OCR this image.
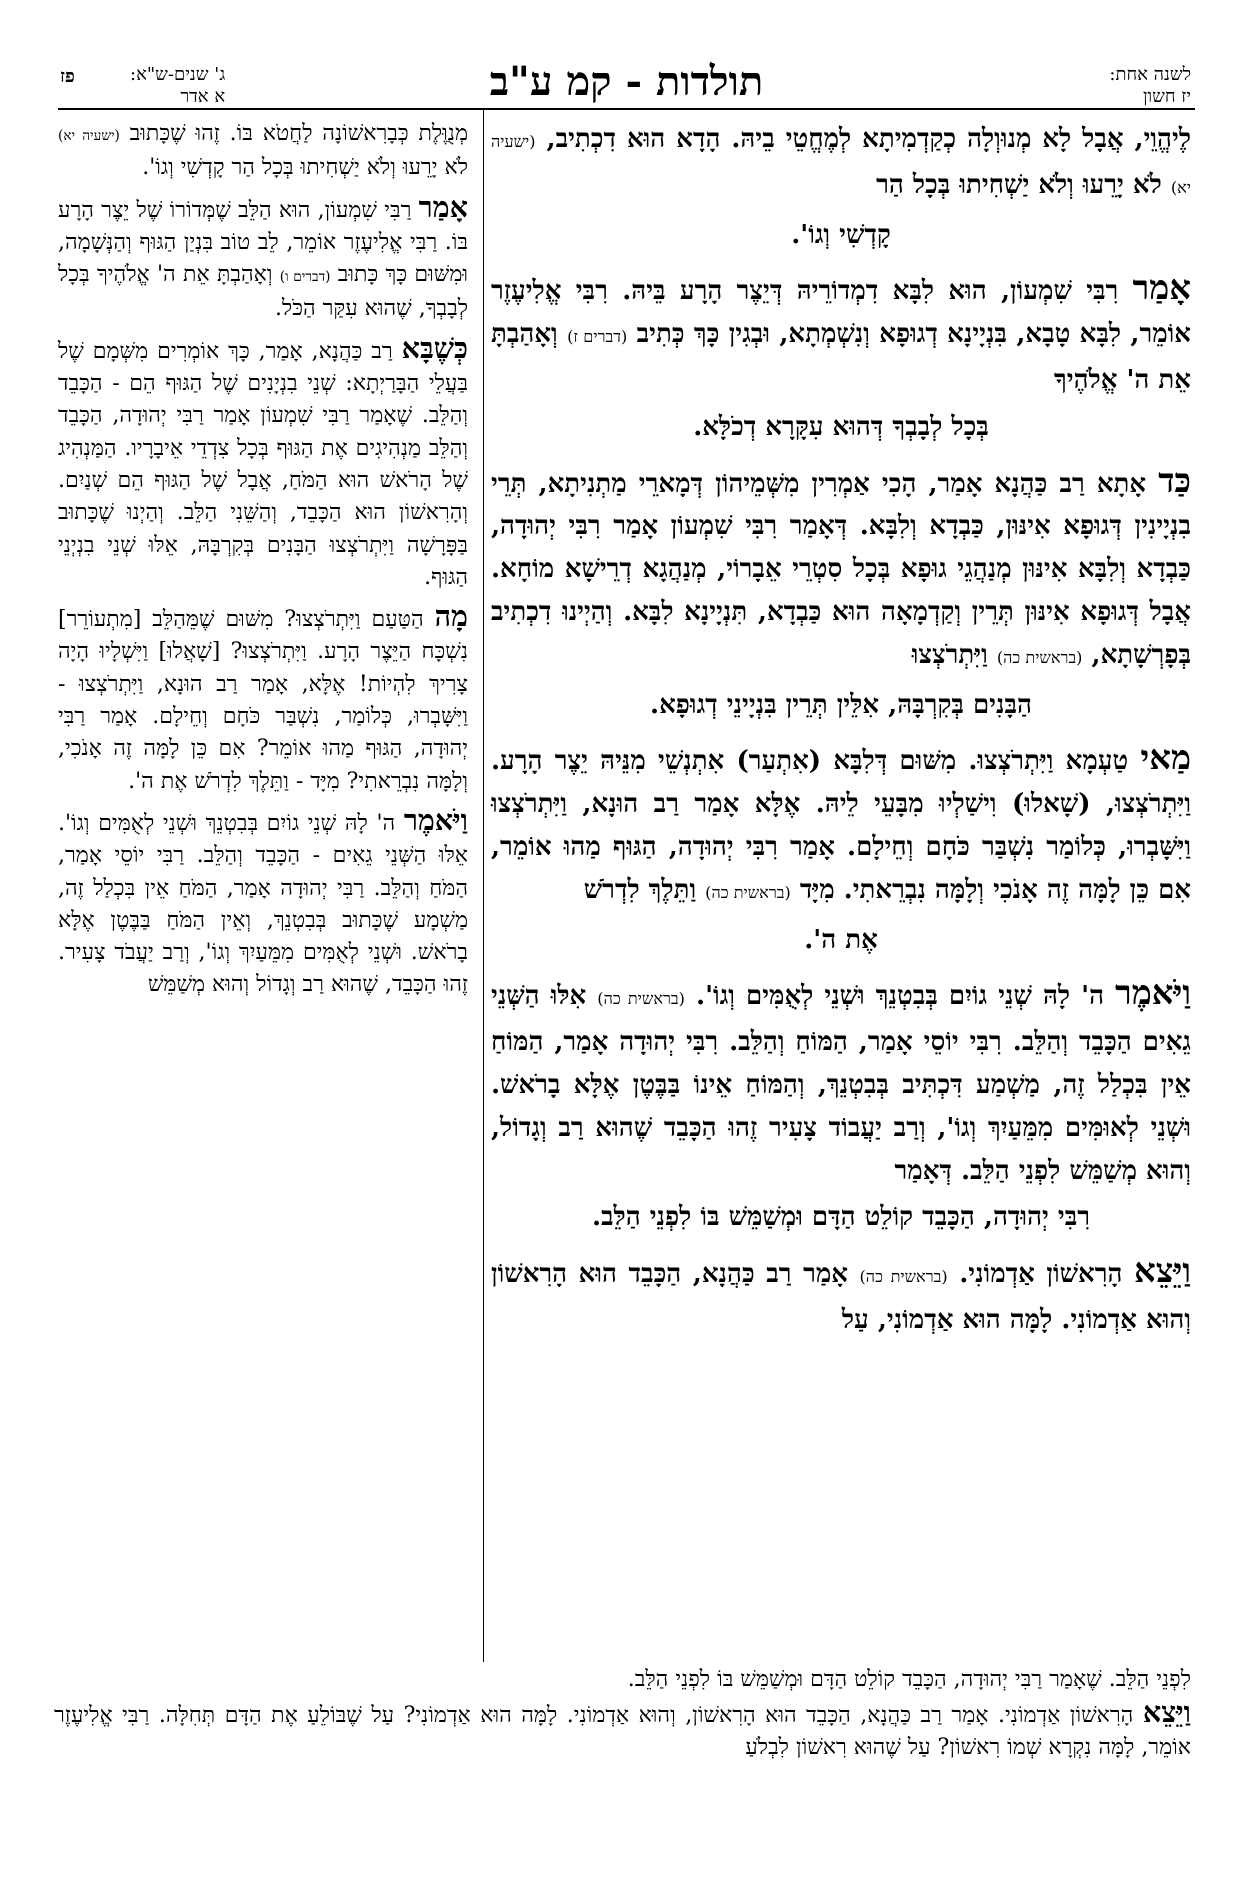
לשנה אחת:
יז חשון
תולדות - קמ ע"ב
ג' שנים-ש"א:
א אדר
פז

לֶיהֱוֵי, אֲבָל לָא מְנוּוְלָה כְקַדְמִיתָא לְמֶחֱטֵי בֵיהּ. הָדָא הוּא דִכְתִיב, (ישעיה יא) לֹא יָרֵעוּ וְלֹא יַשְׁחִיתוּ בְּכָל הַר

קָדְשִׁי וְגוֹ'.

אָמַר רִבִּי שִׁמְעוֹן, הוּא לִבָּא דִמְדוֹרֵיהּ דְּיֵצֶר הָרָע בֵּיהּ. רִבִּי אֱלִיעֶזֶר אוֹמֵר, לִבָּא טָבָא, בִּנְיָינָא דְגוּפָא וְנִשְׁמְתָא, וּבְגִין כָּךְ כְּתִיב (דברים ז) וְאָהַבְתָּ אֵת ה' אֱלֹהֶיךָ

בְּכָל לְבָבְךָ דְּהוּא עִקָּרָא דְכֹלָּא.

כַּד אָתָא רַב כַּהֲנָא אָמַר, הָכִי אַמְרִין מִשְּׁמֵיהוֹן דְּמָארֵי מַתְנִיתָא, תְּרֵי בִנְיָינִין דְּגוּפָא אִינּוּן, כַּבְדָא וְלִבָּא. דְּאָמַר רִבִּי שִׁמְעוֹן אָמַר רִבִּי יְהוּדָה, כַּבְדָא וְלִבָּא אִינּוּן מְנַהֲגֵי גוּפָא בְּכָל סִטְרֵי אֵבָרוֹי, מְנַהֲגָא דְרֵישָׁא מוֹחָא. אֲבָל דְּגוּפָא אִינּוּן תְּרֵין וְקַדְמָאָה הוּא כַּבְדָא, תִּנְיָינָא לִבָּא. וְהַיְינוּ דִכְתִיב בְּפָרְשָׁתָא, (בראשית כה) וַיִּתְרֹצְצוּ

הַבָּנִים בְּקִרְבָּהּ, אִלֵּין תְּרֵין בִּנְיָינֵי דְגוּפָא.

מַאי טַעְמָא וַיִּתְרֹצְצוּ. מִשּׁוּם דְּלִבָּא (אִתְעַר) אִתְנְשֵׁי מִנֵּיהּ יֵצֶר הָרָע. וַיִּתְרֹצְצוּ, (שָׁאלוּ) וִישַׁלְיוּ מִבָּעֵי לֵיהּ. אֶלָּא אָמַר רַב הוּנָא, וַיִּתְרֹצְצוּ וַיִּשָּׁבְרוּ, כְּלוֹמַר נִשְׁבַּר כֹּחָם וְחֵילָם. אָמַר רִבִּי יְהוּדָה, הַגּוּף מַהוּ אוֹמֵר, אִם כֵּן לָמָּה זֶה אָנֹכִי וְלָמָּה נִבְרֵאתִי. מִיָּד (בראשית כה) וַתֵּלֶךְ לִדְרֹשׁ

אֶת ה'.

וַיֹּאמֶר ה' לָהּ שְׁנֵי גוֹיִם בְּבִטְנֵךְ וּשְׁנֵי לְאֻמִּים וְגוֹ'. (בראשית כה) אִלּוּ הַשְּׁנֵי גֵאִים הַכָּבֵד וְהַלֵּב. רִבִּי יוֹסֵי אָמַר, הַמּוֹחַ וְהַלֵּב. רִבִּי יְהוּדָה אָמַר, הַמּוֹחַ אֵין בִּכְלַל זֶה, מַשְׁמַע דִּכְתִּיב בְּבִטְנֵךְ, וְהַמּוֹחַ אֵינוֹ בַּבֶּטֶן אֶלָּא בָרֹאשׁ. וּשְׁנֵי לְאוּמִּים מִמֵּעַיִךְ וְגוֹ', וְרַב יַעֲבוֹד צָעִיר זֶהוּ הַכָּבֵד שֶׁהוּא רַב וְגָדוֹל, וְהוּא מְשַׁמֵּשׁ לִפְנֵי הַלֵּב. דְּאָמַר

רִבִּי יְהוּדָה, הַכָּבֵד קוֹלֵט הַדָּם וּמְשַׁמֵּשׁ בּוֹ לִפְנֵי הַלֵּב.

וַיֵּצֵא הָרִאשׁוֹן אַדְמוֹנִי. (בראשית כה) אָמַר רַב כַּהֲנָא, הַכָּבֵד הוּא הָרִאשׁוֹן וְהוּא אַדְמוֹנִי. לָמָּה הוּא אַדְמוֹנִי, עַל

מְנֻוֶּלֶת כְּבָרִאשׁוֹנָה לַחֲטֹא בּוֹ. זֶהוּ שֶׁכָּתוּב (ישעיה יא) לֹא יָרֵעוּ וְלֹא יַשְׁחִיתוּ בְּכָל הַר קָדְשִׁי וְגוֹ'.

אָמַר רַבִּי שִׁמְעוֹן, הוּא הַלֵּב שֶׁמְּדוֹרוֹ שֶׁל יֵצֶר הָרָע בּוֹ. רַבִּי אֱלִיעֶזֶר אוֹמֵר, לֵב טוֹב בִּנְיַן הַגּוּף וְהַנְּשָׁמָה, וּמִשּׁוּם כָּךְ כָּתוּב (דברים ו) וְאָהַבְתָּ אֵת ה' אֱלֹהֶיךָ בְּכָל לְבָבְךָ, שֶׁהוּא עִקַּר הַכֹּל.

כְּשֶׁבָּא רַב כַּהֲנָא, אָמַר, כָּךְ אוֹמְרִים מִשְּׁמָם שֶׁל בַּעֲלֵי הַבָּרַיְתָא: שְׁנֵי בִנְיָנִים שֶׁל הַגּוּף הֵם - הַכָּבֵד וְהַלֵּב. שֶׁאָמַר רַבִּי שִׁמְעוֹן אָמַר רַבִּי יְהוּדָה, הַכָּבֵד וְהַלֵּב מַנְהִיגִים אֶת הַגּוּף בְּכָל צִדְדֵי אֵיבָרָיו. הַמַּנְהִיג שֶׁל הָרֹאשׁ הוּא הַמֹּחַ, אֲבָל שֶׁל הַגּוּף הֵם שְׁנַיִם. וְהָרִאשׁוֹן הוּא הַכָּבֵד, וְהַשֵּׁנִי הַלֵּב. וְהַיְנוּ שֶׁכָּתוּב בַּפָּרָשָׁה וַיִּתְרֹצְצוּ הַבָּנִים בְּקִרְבָּהּ, אֵלּוּ שְׁנֵי בִנְיְנֵי הַגּוּף.

מָה הַטַּעַם וַיִּתְרֹצְצוּ? מִשּׁוּם שֶׁמֵּהַלֵּב [מִתְעוֹרֵר] נִשְׁכָּח הַיֵּצֶר הָרָע. וַיִּתְרֹצְצוּ? [שָׁאֲלוּ] וַיִּשְׁלָיוּ הָיָה צָרִיךְ לִהְיוֹת! אֶלָּא, אָמַר רַב הוּנָא, וַיִּתְרֹצְצוּ - וַיִּשָּׁבְרוּ, כְּלוֹמַר, נִשְׁבַּר כֹּחָם וְחֵילָם. אָמַר רַבִּי יְהוּדָה, הַגּוּף מַהוּ אוֹמֵר? אִם כֵּן לָמָּה זֶה אָנֹכִי, וְלָמָּה נִבְרֵאתִי? מִיָּד - וַתֵּלֶךְ לִדְרֹשׁ אֶת ה'.

וַיֹּאמֶר ה' לָהּ שְׁנֵי גוֹיִם בְּבִטְנֵךְ וּשְׁנֵי לְאֻמִּים וְגוֹ'. אֵלּוּ הַשְּׁנֵי גֵאִים - הַכָּבֵד וְהַלֵּב. רַבִּי יוֹסֵי אָמַר, הַמֹּחַ וְהַלֵּב. רַבִּי יְהוּדָה אָמַר, הַמֹּחַ אֵין בִּכְלַל זֶה, מַשְׁמָע שֶׁכָּתוּב בְּבִטְנֵךְ, וְאֵין הַמֹּחַ בַּבֶּטֶן אֶלָּא בָרֹאשׁ. וּשְׁנֵי לְאֻמִּים מִמֵּעַיִךְ וְגוֹ', וְרַב יַעֲבֹד צָעִיר. זֶהוּ הַכָּבֵד, שֶׁהוּא רַב וְגָדוֹל וְהוּא מְשַׁמֵּשׁ

לִפְנֵי הַלֵּב. שֶׁאָמַר רַבִּי יְהוּדָה, הַכָּבֵד קוֹלֵט הַדָּם וּמְשַׁמֵּשׁ בּוֹ לִפְנֵי הַלֵּב.
וַיֵּצֵא הָרִאשׁוֹן אַדְמוֹנִי. אָמַר רַב כַּהֲנָא, הַכָּבֵד הוּא הָרִאשׁוֹן, וְהוּא אַדְמוֹנִי. לָמָּה הוּא אַדְמוֹנִי? עַל שֶׁבּוֹלֵעַ אֶת הַדָּם תְּחִלָּה. רַבִּי אֱלִיעֶזֶר אוֹמֵר, לָמָּה נִקְרָא שְׁמוֹ רִאשׁוֹן? עַל שֶׁהוּא רִאשׁוֹן לִבְלֹעַ
